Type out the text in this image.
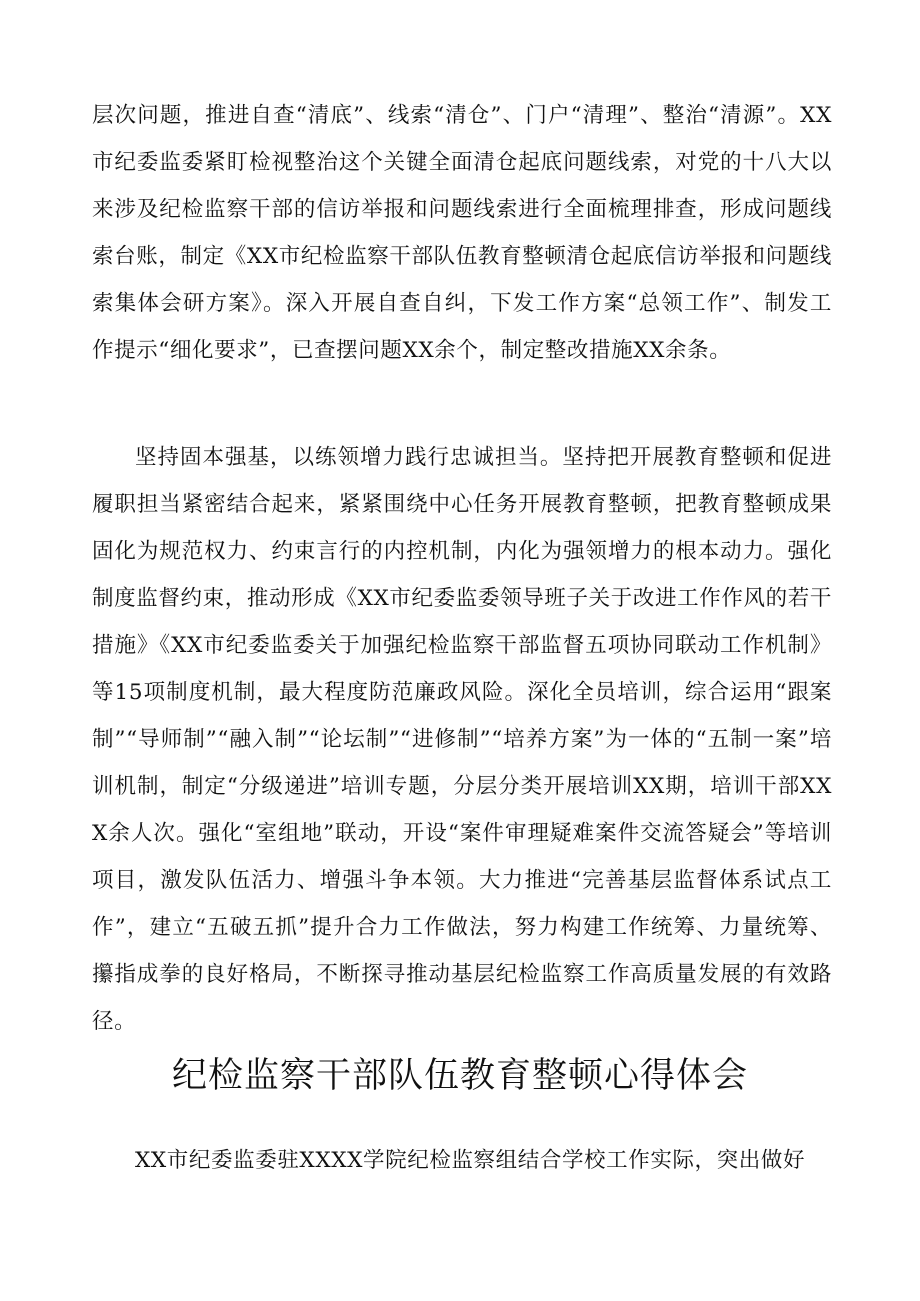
层次问题，推进自查“清底”、线索“清仓”、门户“清理”、整治“清源”。XX市纪委监委紧盯检视整治这个关键全面清仓起底问题线索，对党的十八大以来涉及纪检监察干部的信访举报和问题线索进行全面梳理排查，形成问题线索台账，制定《XX市纪检监察干部队伍教育整顿清仓起底信访举报和问题线索集体会研方案》。深入开展自查自纠，下发工作方案“总领工作”、制发工作提示“细化要求”，已查摆问题XX余个，制定整改措施XX余条。

坚持固本强基，以练领增力践行忠诚担当。坚持把开展教育整顿和促进履职担当紧密结合起来，紧紧围绕中心任务开展教育整顿，把教育整顿成果固化为规范权力、约束言行的内控机制，内化为强领增力的根本动力。强化制度监督约束，推动形成《XX市纪委监委领导班子关于改进工作作风的若干措施》《XX市纪委监委关于加强纪检监察干部监督五项协同联动工作机制》等15项制度机制，最大程度防范廉政风险。深化全员培训，综合运用“跟案制”“导师制”“融入制”“论坛制”“进修制”“培养方案”为一体的“五制一案”培训机制，制定“分级递进”培训专题，分层分类开展培训XX期，培训干部XXX余人次。强化“室组地”联动，开设“案件审理疑难案件交流答疑会”等培训项目，激发队伍活力、增强斗争本领。大力推进“完善基层监督体系试点工作”，建立“五破五抓”提升合力工作做法，努力构建工作统筹、力量统筹、攥指成拳的良好格局，不断探寻推动基层纪检监察工作高质量发展的有效路径。

纪检监察干部队伍教育整顿心得体会

XX市纪委监委驻XXXX学院纪检监察组结合学校工作实际，突出做好
